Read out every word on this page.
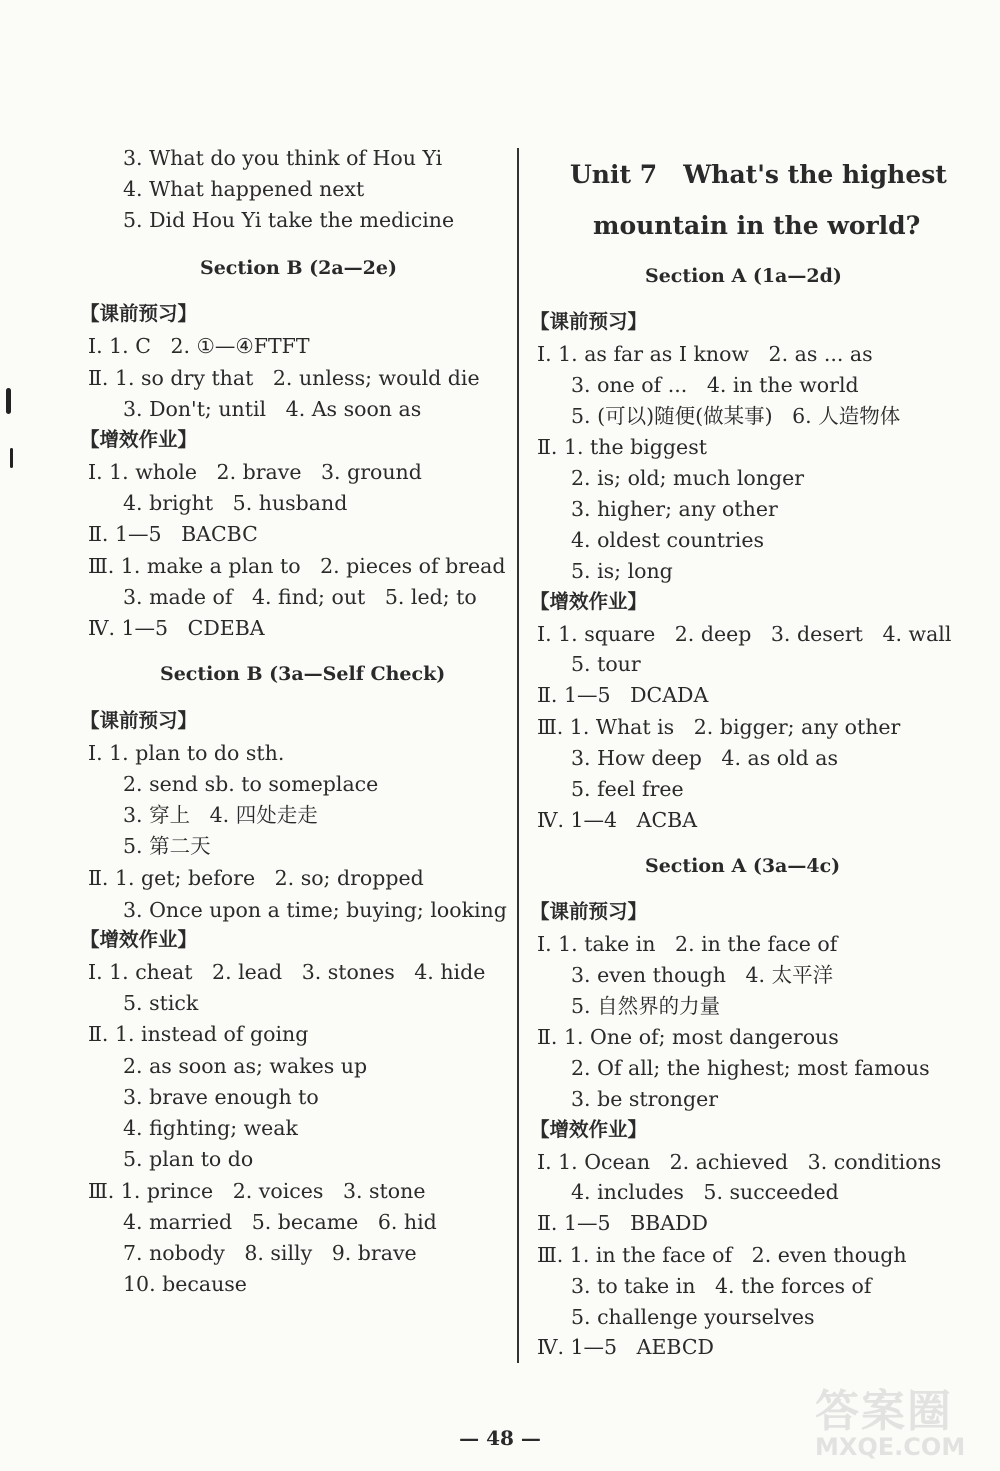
3. What do you think of Hou Yi
4. What happened next
5. Did Hou Yi take the medicine
Section B (2a—2e)
【课前预习】
Ⅰ. 1. C   2. ①—④FTFT
Ⅱ. 1. so dry that   2. unless; would die
3. Don't; until   4. As soon as
【增效作业】
Ⅰ. 1. whole   2. brave   3. ground
4. bright   5. husband
Ⅱ. 1—5   BACBC
Ⅲ. 1. make a plan to   2. pieces of bread
3. made of   4. find; out   5. led; to
Ⅳ. 1—5   CDEBA
Section B (3a—Self Check)
【课前预习】
Ⅰ. 1. plan to do sth.
2. send sb. to someplace
3. 穿上   4. 四处走走
5. 第二天
Ⅱ. 1. get; before   2. so; dropped
3. Once upon a time; buying; looking
【增效作业】
Ⅰ. 1. cheat   2. lead   3. stones   4. hide
5. stick
Ⅱ. 1. instead of going
2. as soon as; wakes up
3. brave enough to
4. fighting; weak
5. plan to do
Ⅲ. 1. prince   2. voices   3. stone
4. married   5. became   6. hid
7. nobody   8. silly   9. brave
10. because
Unit 7   What's the highest
mountain in the world?
Section A (1a—2d)
【课前预习】
Ⅰ. 1. as far as I know   2. as ... as
3. one of ...   4. in the world
5. (可以)随便(做某事)   6. 人造物体
Ⅱ. 1. the biggest
2. is; old; much longer
3. higher; any other
4. oldest countries
5. is; long
【增效作业】
Ⅰ. 1. square   2. deep   3. desert   4. wall
5. tour
Ⅱ. 1—5   DCADA
Ⅲ. 1. What is   2. bigger; any other
3. How deep   4. as old as
5. feel free
Ⅳ. 1—4   ACBA
Section A (3a—4c)
【课前预习】
Ⅰ. 1. take in   2. in the face of
3. even though   4. 太平洋
5. 自然界的力量
Ⅱ. 1. One of; most dangerous
2. Of all; the highest; most famous
3. be stronger
【增效作业】
Ⅰ. 1. Ocean   2. achieved   3. conditions
4. includes   5. succeeded
Ⅱ. 1—5   BBADD
Ⅲ. 1. in the face of   2. even though
3. to take in   4. the forces of
5. challenge yourselves
Ⅳ. 1—5   AEBCD
— 48 —
答案圈
MXQE.COM
